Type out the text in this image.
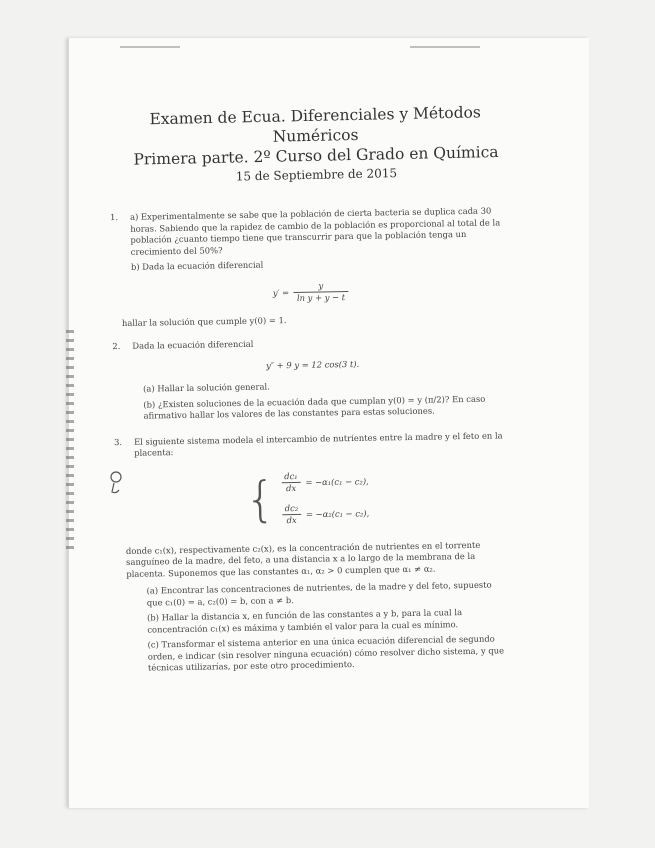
Examen de Ecua. Diferenciales y Métodos Numéricos
Primera parte. 2º Curso del Grado en Química
15 de Septiembre de 2015
1. a) Experimentalmente se sabe que la población de cierta bacteria se duplica cada 30 horas. Sabiendo que la rapidez de cambio de la población es proporcional al total de la población ¿cuanto tiempo tiene que transcurrir para que la población tenga un crecimiento del 50%?
b) Dada la ecuación diferencial
$y' = \frac{y}{\text{ln y + y − t}}$
hallar la solución que cumple y(0) = 1.
2. Dada la ecuación diferencial
y″ + 9 y = 12 cos(3 t).
(a) Hallar la solución general.
(b) ¿Existen soluciones de la ecuación dada que cumplan y(0) = y (π/2)? En caso afirmativo hallar los valores de las constantes para estas soluciones.
3. El siguiente sistema modela el intercambio de nutrientes entre la madre y el feto en la placenta:
{ $\frac{\text{dc₁}}{dx} = -\alpha_1(c_1 - c_2)$,
$\frac{\text{dc₂}}{dx} = -\alpha_2(c_1 - c_2)$,
donde c₁(x), respectivamente c₂(x), es la concentración de nutrientes en el torrente sanguíneo de la madre, del feto, a una distancia x a lo largo de la membrana de la placenta. Suponemos que las constantes α₁, α₂ > 0 cumplen que α₁ ≠ α₂.
(a) Encontrar las concentraciones de nutrientes, de la madre y del feto, supuesto que c₁(0) = a, c₂(0) = b, con a ≠ b.
(b) Hallar la distancia x, en función de las constantes a y b, para la cual la concentración c₁(x) es máxima y también el valor para la cual es mínimo.
(c) Transformar el sistema anterior en una única ecuación diferencial de segundo orden, e indicar (sin resolver ninguna ecuación) cómo resolver dicho sistema, y que técnicas utilizarías, por este otro procedimiento.
